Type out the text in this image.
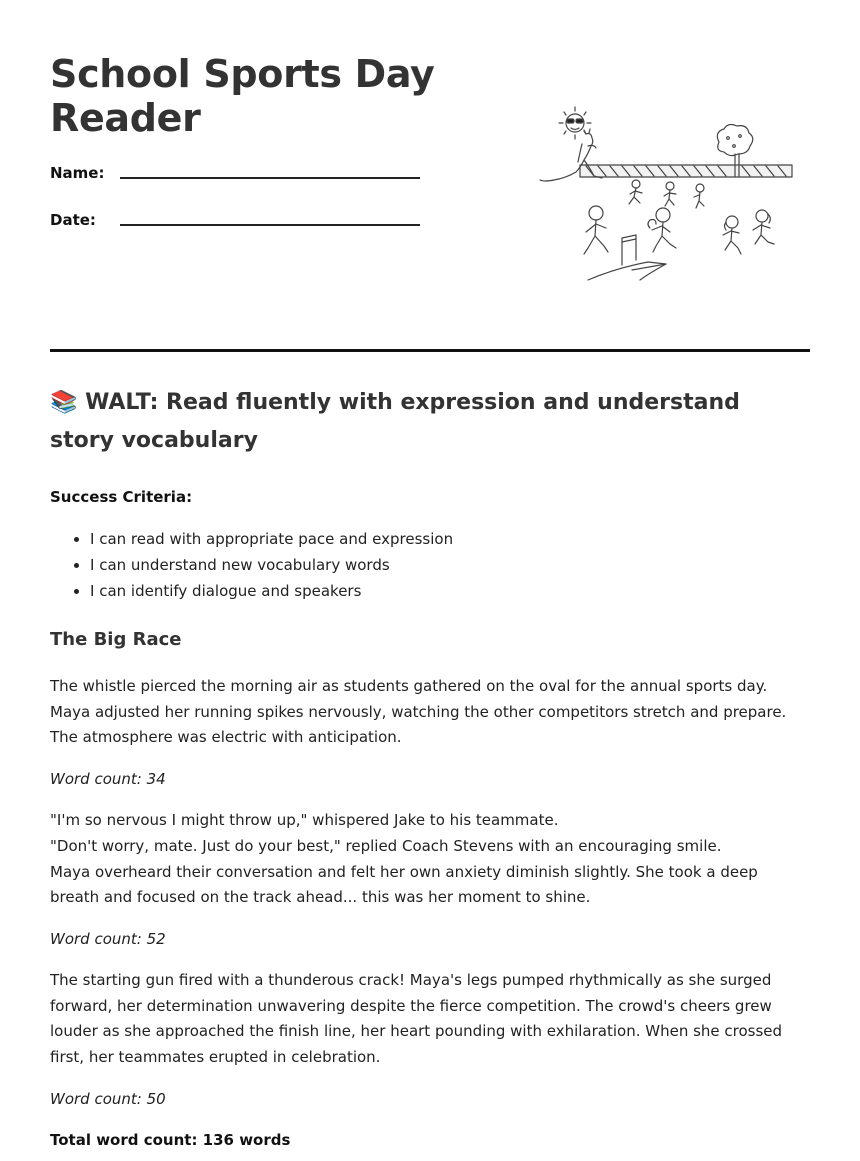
School Sports Day
Reader
Name:
Date:
📚 WALT: Read fluently with expression and understand story vocabulary
Success Criteria:
• I can read with appropriate pace and expression
• I can understand new vocabulary words
• I can identify dialogue and speakers
The Big Race

The whistle pierced the morning air as students gathered on the oval for the annual sports day. Maya adjusted her running spikes nervously, watching the other competitors stretch and prepare. The atmosphere was electric with anticipation.

Word count: 34

"I'm so nervous I might throw up," whispered Jake to his teammate.
"Don't worry, mate. Just do your best," replied Coach Stevens with an encouraging smile.
Maya overheard their conversation and felt her own anxiety diminish slightly. She took a deep breath and focused on the track ahead... this was her moment to shine.

Word count: 52

The starting gun fired with a thunderous crack! Maya's legs pumped rhythmically as she surged forward, her determination unwavering despite the fierce competition. The crowd's cheers grew louder as she approached the finish line, her heart pounding with exhilaration. When she crossed first, her teammates erupted in celebration.

Word count: 50

Total word count: 136 words
